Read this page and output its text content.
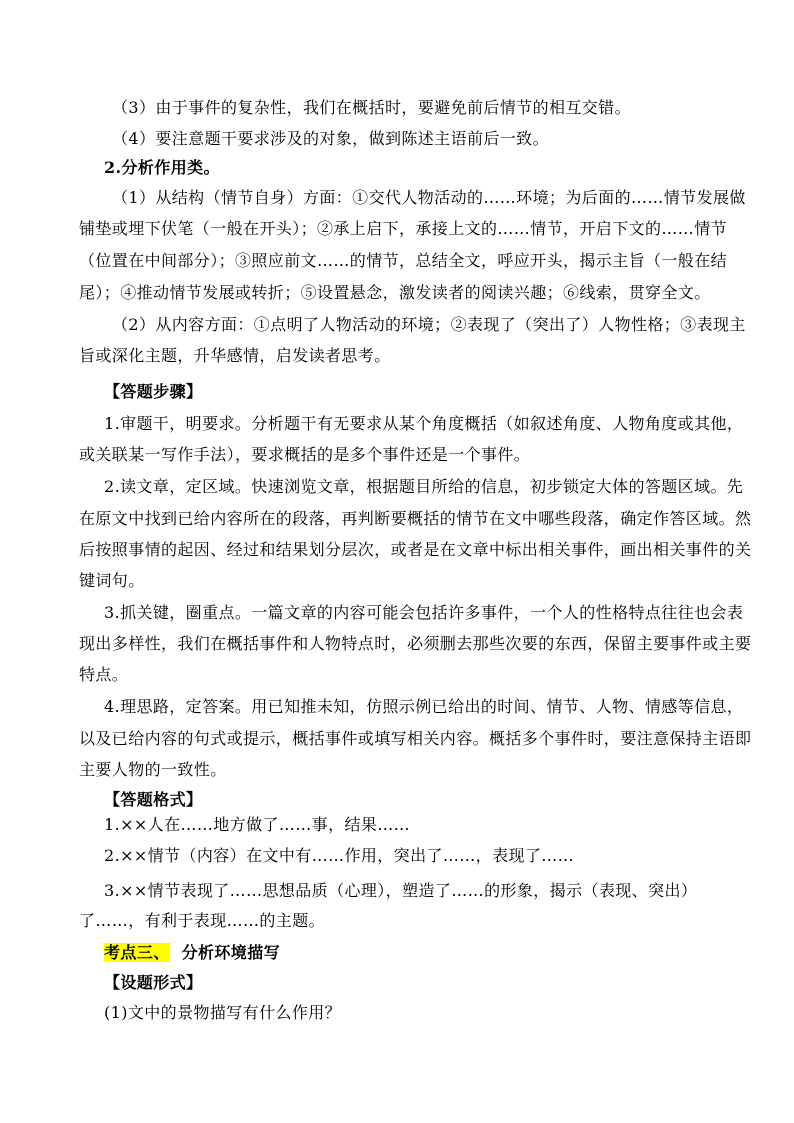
（3）由于事件的复杂性，我们在概括时，要避免前后情节的相互交错。
（4）要注意题干要求涉及的对象，做到陈述主语前后一致。
2.分析作用类。
（1）从结构（情节自身）方面：①交代人物活动的……环境；为后面的……情节发展做
铺垫或埋下伏笔（一般在开头）；②承上启下，承接上文的……情节，开启下文的……情节
（位置在中间部分）；③照应前文……的情节，总结全文，呼应开头，揭示主旨（一般在结
尾）；④推动情节发展或转折；⑤设置悬念，激发读者的阅读兴趣；⑥线索，贯穿全文。
（2）从内容方面：①点明了人物活动的环境；②表现了（突出了）人物性格；③表现主
旨或深化主题，升华感情，启发读者思考。
【答题步骤】
1.审题干，明要求。分析题干有无要求从某个角度概括（如叙述角度、人物角度或其他，
或关联某一写作手法），要求概括的是多个事件还是一个事件。
2.读文章，定区域。快速浏览文章，根据题目所给的信息，初步锁定大体的答题区域。先
在原文中找到已给内容所在的段落，再判断要概括的情节在文中哪些段落，确定作答区域。然
后按照事情的起因、经过和结果划分层次，或者是在文章中标出相关事件，画出相关事件的关
键词句。
3.抓关键，圈重点。一篇文章的内容可能会包括许多事件，一个人的性格特点往往也会表
现出多样性，我们在概括事件和人物特点时，必须删去那些次要的东西，保留主要事件或主要
特点。
4.理思路，定答案。用已知推未知，仿照示例已给出的时间、情节、人物、情感等信息，
以及已给内容的句式或提示，概括事件或填写相关内容。概括多个事件时，要注意保持主语即
主要人物的一致性。
【答题格式】
1.××人在……地方做了……事，结果……
2.××情节（内容）在文中有……作用，突出了……，表现了……
3.××情节表现了……思想品质（心理），塑造了……的形象，揭示（表现、突出）
了……，有利于表现……的主题。
考点三、 分析环境描写
【设题形式】
(1)文中的景物描写有什么作用？
